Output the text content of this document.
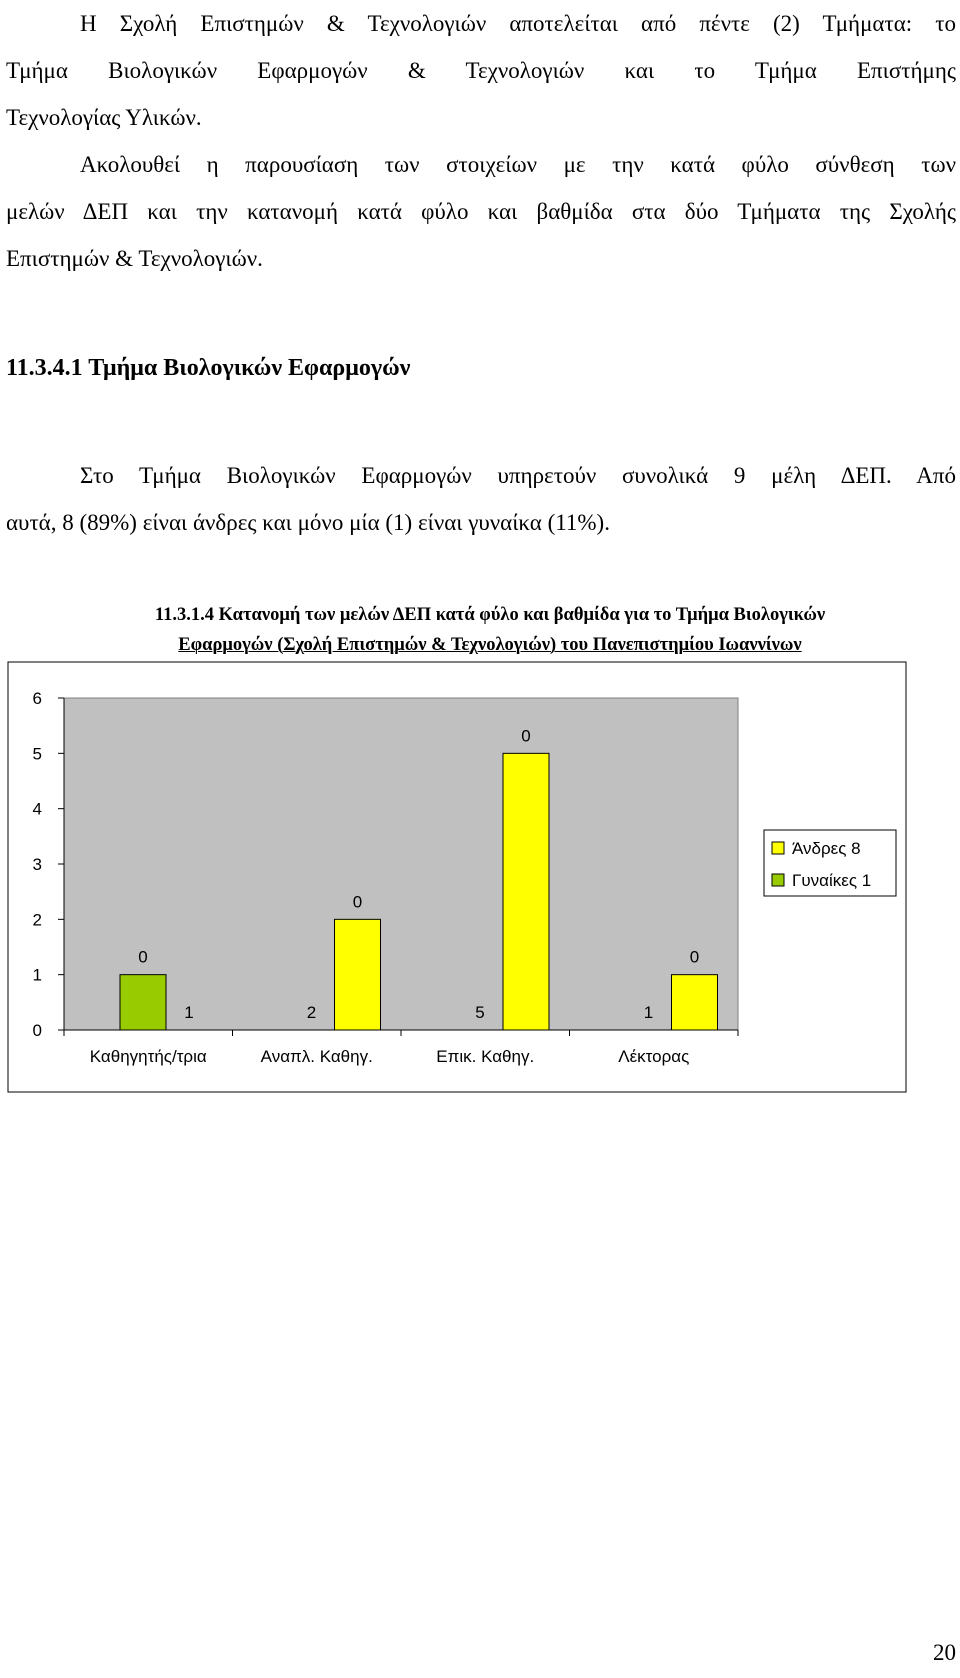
Η Σχολή Επιστημών & Τεχνολογιών αποτελείται από πέντε (2) Τμήματα: το
Τμήμα Βιολογικών Εφαρμογών & Τεχνολογιών και το Τμήμα Επιστήμης
Τεχνολογίας Υλικών.
Ακολουθεί η παρουσίαση των στοιχείων με την κατά φύλο σύνθεση των
μελών ΔΕΠ και την κατανομή κατά φύλο και βαθμίδα στα δύο Τμήματα της Σχολής
Επιστημών & Τεχνολογιών.
11.3.4.1 Τμήμα Βιολογικών Εφαρμογών
Στο Τμήμα Βιολογικών Εφαρμογών υπηρετούν συνολικά 9 μέλη ΔΕΠ. Από
αυτά, 8 (89%) είναι άνδρες και μόνο μία (1) είναι γυναίκα (11%).
11.3.1.4 Κατανομή των μελών ΔΕΠ κατά φύλο και βαθμίδα για το Τμήμα Βιολογικών
Εφαρμογών (Σχολή Επιστημών & Τεχνολογιών) του Πανεπιστημίου Ιωαννίνων
0
1
2
3
4
5
6
0
1
Καθηγητής/τρια
2
0
Αναπλ. Καθηγ.
5
0
Επικ. Καθηγ.
1
0
Λέκτορας
Άνδρες 8
Γυναίκες 1
20
